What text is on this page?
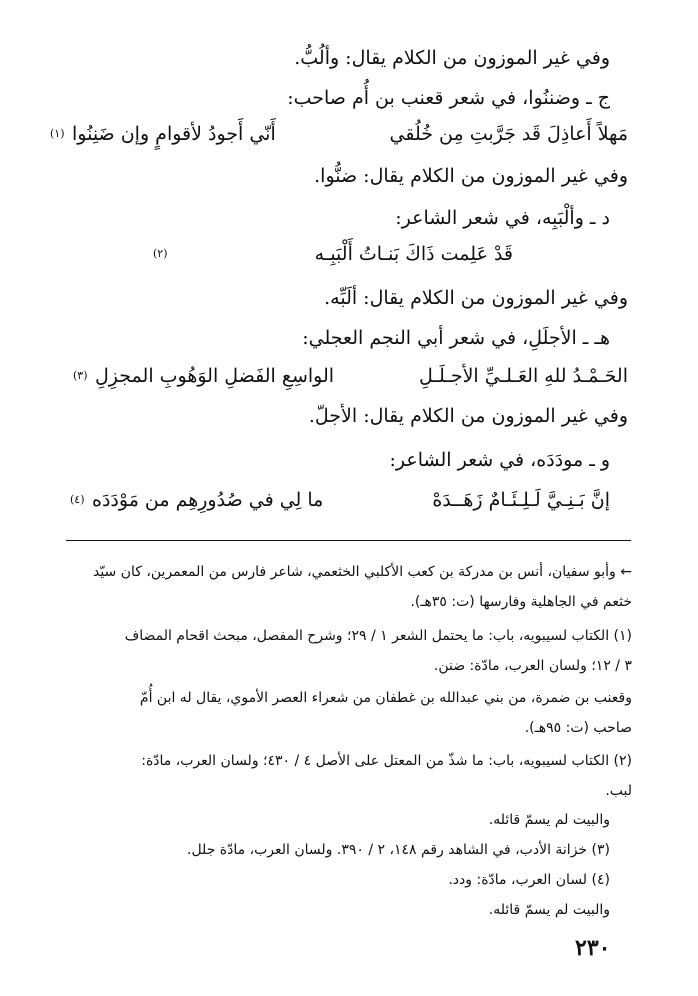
وفي غير الموزون من الكلام يقال: وألُبُّ.
ج ـ وضننُوا، في شعر قعنب بن أُم صاحب:
(١)	مَهلاً أَعاذِلَ قَد جَرَّبتِ مِن خُلُقي
أَنّي أَجودُ لأقوامٍ وإن ضَنِنُوا
وفي غير الموزون من الكلام يقال: ضنُّوا.
د ـ وألْبَبِه، في شعر الشاعر:
(٢)	قَدْ عَلِمت ذَاكَ بَنـاتُ أَلْبَبِـه
وفي غير الموزون من الكلام يقال: ألَبِّه.
هـ ـ الأجلَلِ، في شعر أبي النجم العجلي:
(٣)	الحَـمْـدُ للهِ العَـلـيِّ الأجـلَـلِ
الواسِعِ الفَضلِ الوَهُوبِ المجزِلِ
وفي غير الموزون من الكلام يقال: الأجلّ.
و ـ مودَدَه، في شعر الشاعر:
(٤)	إنَّ بَـنِـيَّ لَـلِـئَـامٌ زَهَــدَهْ
ما لِي في صُدُورِهِم من مَوْدَدَه
← وأبو سفيان، أنس بن مدركة بن كعب الأكلبي الخثعمي، شاعر فارس من المعمرين، كان سيّد
خثعم في الجاهلية وفارسها (ت: ٣٥هـ).
(١) الكتاب لسيبويه، باب: ما يحتمل الشعر ١ / ٢٩؛ وشرح المفصل، مبحث اقحام المضاف
٣ / ١٢؛ ولسان العرب، مادّة: ضنن.
وقعنب بن ضمرة، من بني عبدالله بن غطفان من شعراء العصر الأموي، يقال له ابن أُمّ
صاحب (ت: ٩٥هـ).
(٢) الكتاب لسيبويه، باب: ما شذّ من المعتل على الأصل ٤ / ٤٣٠؛ ولسان العرب، مادّة:
لبب.
والبيت لم يسمّ قائله.
(٣) خزانة الأدب، في الشاهد رقم ١٤٨، ٢ / ٣٩٠. ولسان العرب، مادّة جلل.
(٤) لسان العرب، مادّة: ودد.
والبيت لم يسمّ قائله.
٢٣٠
